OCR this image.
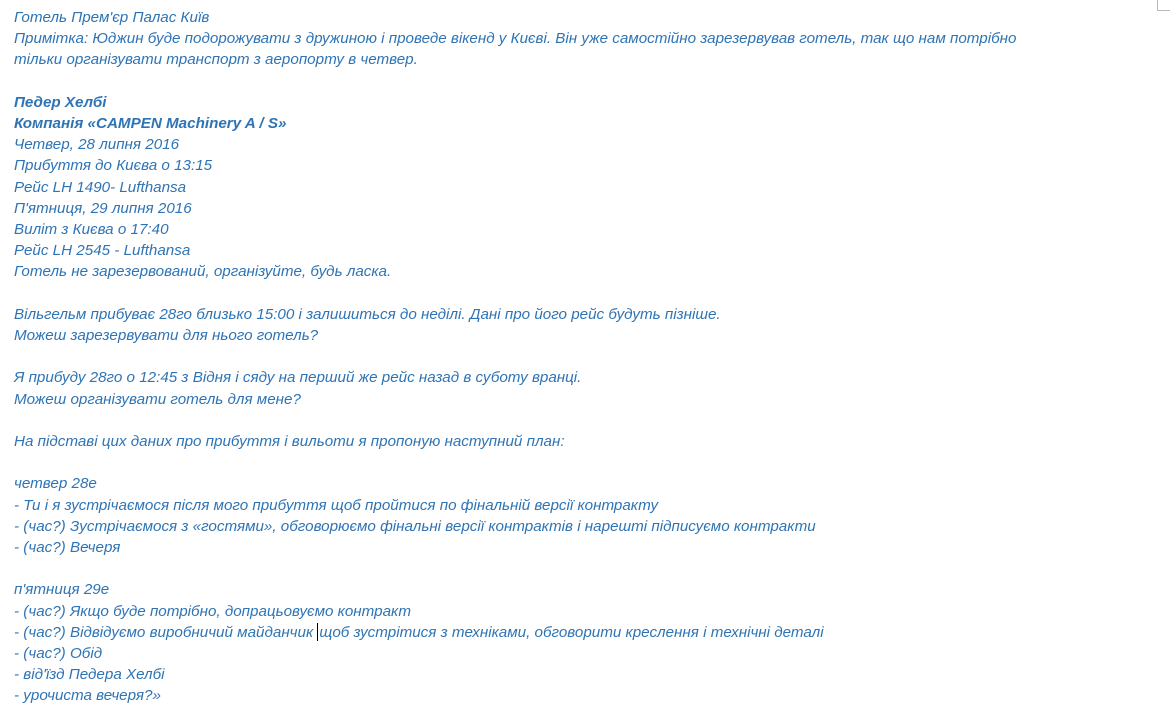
Готель Прем'єр Палас Київ
Примітка: Юджин буде подорожувати з дружиною і проведе вікенд у Києві. Він уже самостійно зарезервував готель, так що нам потрібно
тільки організувати транспорт з аеропорту в четвер.
Педер Хелбі
Компанія «CAMPEN Machinery A / S»
Четвер, 28 липня 2016
Прибуття до Києва о 13:15
Рейс LH 1490- Lufthansa
П'ятниця, 29 липня 2016
Виліт з Києва о 17:40
Рейс LH 2545 - Lufthansa
Готель не зарезервований, організуйте, будь ласка.
Вільгельм прибуває 28го близько 15:00 і залишиться до неділі. Дані про його рейс будуть пізніше.
Можеш зарезервувати для нього готель?
Я прибуду 28го о 12:45 з Відня і сяду на перший же рейс назад в суботу вранці.
Можеш організувати готель для мене?
На підставі цих даних про прибуття і вильоти я пропоную наступний план:
четвер 28е
- Ти і я зустрічаємося після мого прибуття щоб пройтися по фінальній версії контракту
- (час?) Зустрічаємося з «гостями», обговорюємо фінальні версії контрактів і нарешті підписуємо контракти
- (час?) Вечеря
п'ятниця 29е
- (час?) Якщо буде потрібно, допрацьовуємо контракт
- (час?) Відвідуємо виробничий майданчик щоб зустрітися з техніками, обговорити креслення і технічні деталі
- (час?) Обід
- від'їзд Педера Хелбі
- урочиста вечеря?»
